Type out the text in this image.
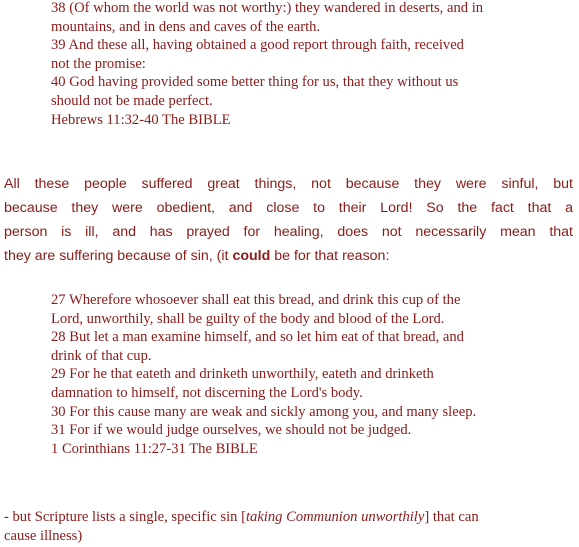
38 (Of whom the world was not worthy:) they wandered in deserts, and in

mountains, and in dens and caves of the earth.

39 And these all, having obtained a good report through faith, received

not the promise:

40 God having provided some better thing for us, that they without us

should not be made perfect.

Hebrews 11:32-40 The BIBLE

All these people suffered great things, not because they were sinful, but
because they were obedient, and close to their Lord! So the fact that a
person is ill, and has prayed for healing, does not necessarily mean that
they are suffering because of sin, (it could be for that reason:

27 Wherefore whosoever shall eat this bread, and drink this cup of the

Lord, unworthily, shall be guilty of the body and blood of the Lord.

28 But let a man examine himself, and so let him eat of that bread, and

drink of that cup.

29 For he that eateth and drinketh unworthily, eateth and drinketh

damnation to himself, not discerning the Lord's body.

30 For this cause many are weak and sickly among you, and many sleep.

31 For if we would judge ourselves, we should not be judged.

1 Corinthians 11:27-31 The BIBLE

- but Scripture lists a single, specific sin [taking Communion unworthily] that can

cause illness)
